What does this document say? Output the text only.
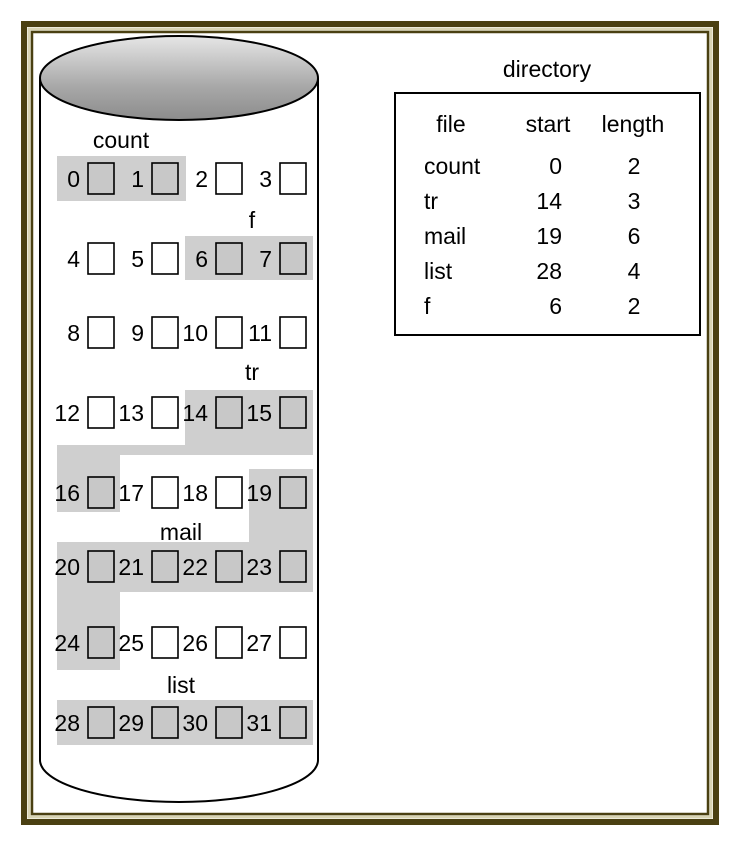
0 1 2 3
4 5 6 7
8 9 10 11
12 13 14 15
16 17 18 19
20 21 22 23
24 25 26 27
28 29 30 31
count
f
tr
mail
list
directory
file	start length
count	0	2
tr	14	3
mail	19	6
list	28	4
f	6	2
